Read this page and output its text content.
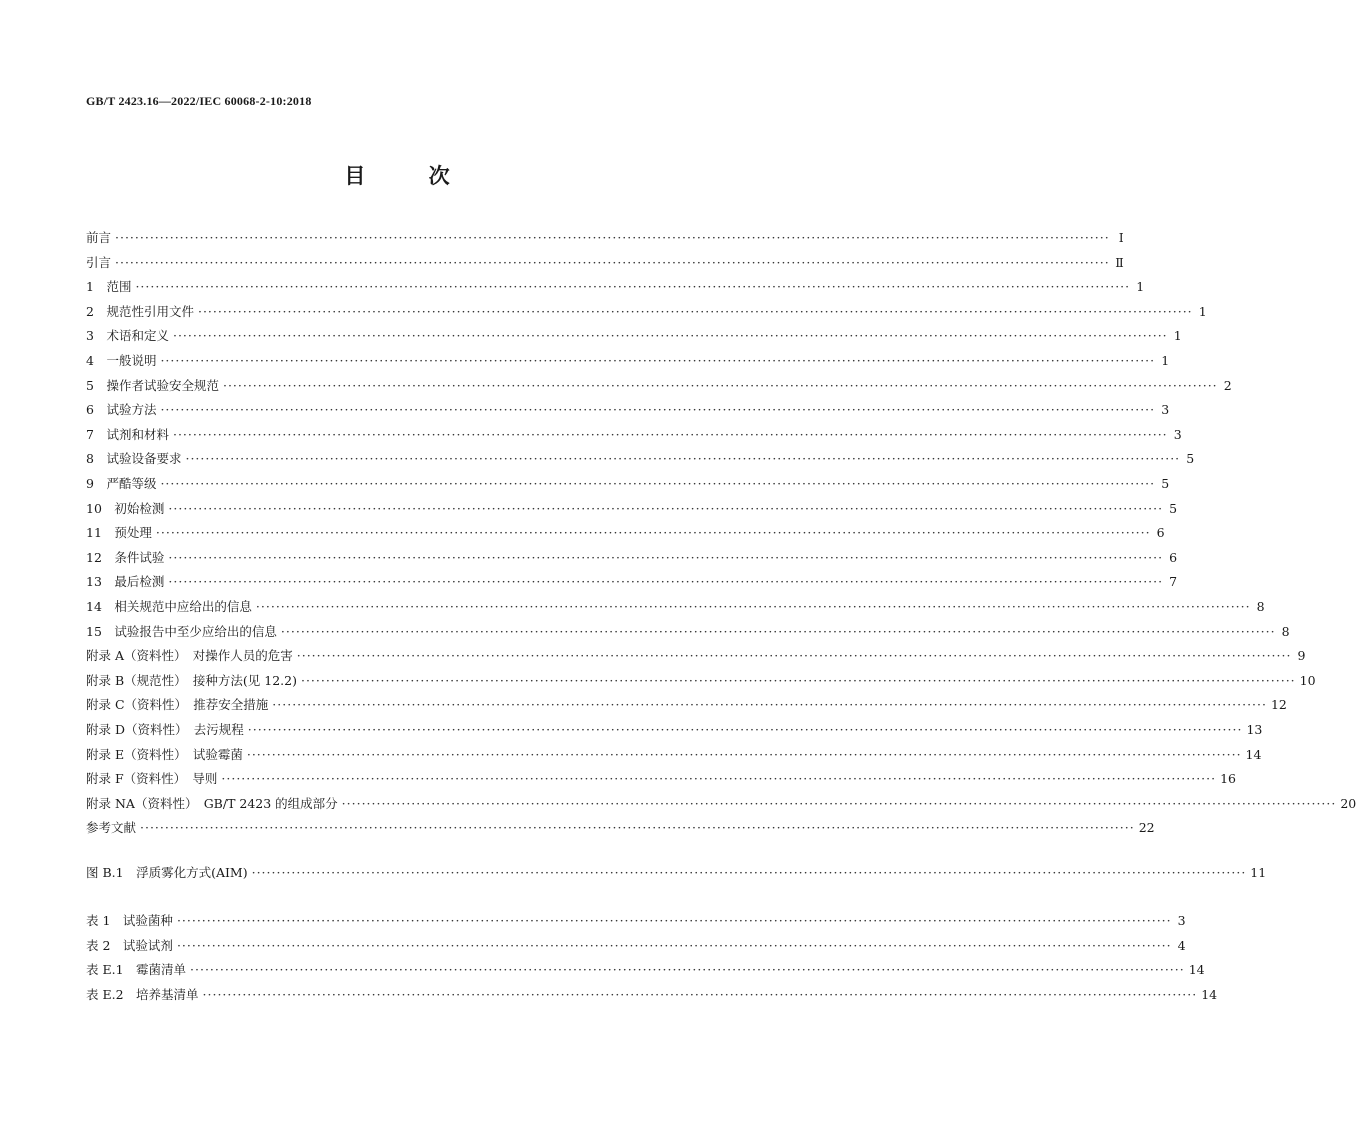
GB/T 2423.16—2022/IEC 60068-2-10:2018
目 次
前言 ········································································································································································································ Ⅰ
引言 ········································································································································································································ Ⅱ
1　范围 ········································································································································································································ 1
2　规范性引用文件 ········································································································································································································ 1
3　术语和定义 ········································································································································································································ 1
4　一般说明 ········································································································································································································ 1
5　操作者试验安全规范 ········································································································································································································ 2
6　试验方法 ········································································································································································································ 3
7　试剂和材料 ········································································································································································································ 3
8　试验设备要求 ········································································································································································································ 5
9　严酷等级 ········································································································································································································ 5
10　初始检测 ········································································································································································································ 5
11　预处理 ········································································································································································································ 6
12　条件试验 ········································································································································································································ 6
13　最后检测 ········································································································································································································ 7
14　相关规范中应给出的信息 ········································································································································································································ 8
15　试验报告中至少应给出的信息 ········································································································································································································ 8
附录 A（资料性）　对操作人员的危害 ········································································································································································································ 9
附录 B（规范性）　接种方法(见 12.2) ········································································································································································································ 10
附录 C（资料性）　推荐安全措施 ········································································································································································································ 12
附录 D（资料性）　去污规程 ········································································································································································································ 13
附录 E（资料性）　试验霉菌 ········································································································································································································ 14
附录 F（资料性）　导则 ········································································································································································································ 16
附录 NA（资料性）　GB/T 2423 的组成部分 ········································································································································································································ 20
参考文献 ········································································································································································································ 22
图 B.1　浮质雾化方式(AIM) ········································································································································································································ 11
表 1　试验菌种 ········································································································································································································ 3
表 2　试验试剂 ········································································································································································································ 4
表 E.1　霉菌清单 ········································································································································································································ 14
表 E.2　培养基清单 ········································································································································································································ 14
